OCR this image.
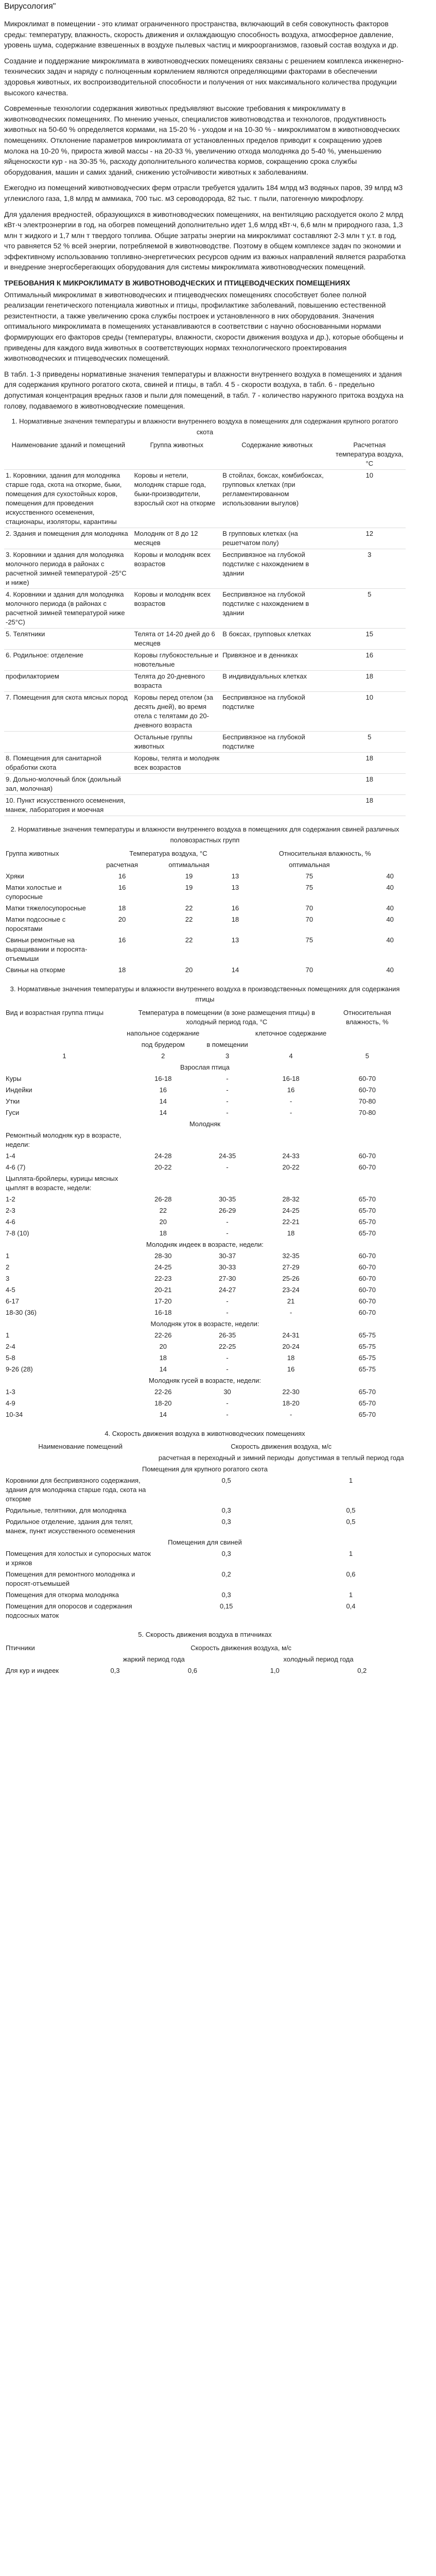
Вирусология"

Микроклимат в помещении - это климат ограниченного пространства, включающий в себя совокупность факторов среды: температуру, влажность, скорость движения и охлаждающую способность воздуха, атмосферное давление, уровень шума, содержание взвешенных в воздухе пылевых частиц и микроорганизмов, газовый состав воздуха и др.

Создание и поддержание микроклимата в животноводческих помещениях связаны с решением комплекса инженерно-технических задач и наряду с полноценным кормлением являются определяющими факторами в обеспечении здоровья животных, их воспроизводительной способности и получения от них максимального количества продукции высокого качества.

Современные технологии содержания животных предъявляют высокие требования к микроклимату в животноводческих помещениях. По мнению ученых, специалистов животноводства и технологов, продуктивность животных на 50-60 % определяется кормами, на 15-20 % - уходом и на 10-30 % - микроклиматом в животноводческих помещениях. Отклонение параметров микроклимата от установленных пределов приводит к сокращению удоев молока на 10-20 %, прироста живой массы - на 20-33 %, увеличению отхода молодняка до 5-40 %, уменьшению яйценоскости кур - на 30-35 %, расходу дополнительного количества кормов, сокращению срока службы оборудования, машин и самих зданий, снижению устойчивости животных к заболеваниям.

Ежегодно из помещений животноводческих ферм отрасли требуется удалить 184 млрд м3 водяных паров, 39 млрд м3 углекислого газа, 1,8 млрд м аммиака, 700 тыс. м3 сероводорода, 82 тыс. т пыли, патогенную микрофлору.

Для удаления вредностей, образующихся в животноводческих помещениях, на вентиляцию расходуется около 2 млрд кВт·ч электроэнергии в год, на обогрев помещений дополнительно идет 1,6 млрд кВт·ч, 6,6 млн м природного газа, 1,3 млн т жидкого и 1,7 млн т твердого топлива. Общие затраты энергии на микроклимат составляют 2-3 млн т у.т. в год, что равняется 52 % всей энергии, потребляемой в животноводстве. Поэтому в общем комплексе задач по экономии и эффективному использованию топливно-энергетических ресурсов одним из важных направлений является разработка и внедрение энергосберегающих оборудования для системы микроклимата животноводческих помещений.

ТРЕБОВАНИЯ К МИКРОКЛИМАТУ В ЖИВОТНОВОДЧЕСКИХ И ПТИЦЕВОДЧЕСКИХ ПОМЕЩЕНИЯХ

Оптимальный микроклимат в животноводческих и птицеводческих помещениях способствует более полной реализации генетического потенциала животных и птицы, профилактике заболеваний, повышению естественной резистентности, а также увеличению срока службы построек и установленного в них оборудования. Значения оптимального микроклимата в помещениях устанавливаются в соответствии с научно обоснованными нормами формирующих его факторов среды (температуры, влажности, скорости движения воздуха и др.), которые обобщены и приведены для каждого вида животных в соответствующих нормах технологического проектирования животноводческих и птицеводческих помещений.

В табл. 1-3 приведены нормативные значения температуры и влажности внутреннего воздуха в помещениях и здания для содержания крупного рогатого скота, свиней и птицы, в табл. 4 5 - скорости воздуха, в табл. 6 - предельно допустимая концентрация вредных газов и пыли для помещений, в табл. 7 - количество наружного притока воздуха на голову, подаваемого в животноводческие помещения.

1. Нормативные значения температуры и влажности внутреннего воздуха в помещениях для содержания крупного рогатого скота
Наименование зданий и помещений	Группа животных	Содержание животных	Расчетная температура воздуха, °С
1. Коровники, здания для молодняка старше года, скота на откорме, быки, помещения для сухостойных коров, помещения для проведения искусственного осеменения, стационары, изоляторы, карантины	Коровы и нетели, молодняк старше года, быки-производители, взрослый скот на откорме	В стойлах, боксах, комбибоксах, групповых клетках (при регламентированном использовании выгулов)	10
2. Здания и помещения для молодняка	Молодняк от 8 до 12 месяцев	В групповых клетках (на решетчатом полу)	12
3. Коровники и здания для молодняка молочного периода в районах с расчетной зимней температурой -25°С и ниже)	Коровы и молодняк всех возрастов	Беспривязное на глубокой подстилке с нахождением в здании	3
4. Коровники и здания для молодняка молочного периода (в районах с расчетной зимней температурой ниже -25°С)	Коровы и молодняк всех возрастов	Беспривязное на глубокой подстилке с нахождением в здании	5
5. Телятники	Телята от 14-20 дней до 6 месяцев	В боксах, групповых клетках	15
6. Родильное: отделение	Коровы глубокостельные и новотельные	Привязное и в денниках	16
профилакторием	Телята до 20-дневного возраста	В индивидуальных клетках	18
7. Помещения для скота мясных пород	Коровы перед отелом (за десять дней), во время отела с телятами до 20-дневного возраста	Беспривязное на глубокой подстилке	10
	Остальные группы животных	Беспривязное на глубокой подстилке	5
8. Помещения для санитарной обработки скота	Коровы, телята и молодняк всех возрастов		18
9. Дольно-молочный блок (доильный зал, молочная)			18
10. Пункт искусственного осеменения, манеж, лаборатория и моечная			18
2. Нормативные значения температуры и влажности внутреннего воздуха в помещениях для содержания свиней различных половозрастных групп
Группа животных	Температура воздуха, °С			Относительная влажность, %	
	расчетная	оптимальная		оптимальная	
Хряки	16	19	13	75	40
Матки холостые и супоросные	16	19	13	75	40
Матки тяжелосупоросные	18	22	16	70	40
Матки подсосные с поросятами	20	22	18	70	40
Свиньи ремонтные на выращивании и поросята-отъемыши	16	22	13	75	40
Свиньи на откорме	18	20	14	70	40
3. Нормативные значения температуры и влажности внутреннего воздуха в производственных помещениях для содержания птицы
Вид и возрастная группа птицы	Температура в помещении (в зоне размещения птицы) в холодный период года, °С			Относительная влажность, %
	напольное содержание		клеточное содержание	
	под брудером	в помещении		
1	2	3	4	5
Взрослая птица				
Куры	16-18	-	16-18	60-70
Индейки	16	-	16	60-70
Утки	14	-	-	70-80
Гуси	14	-	-	70-80
Молодняк				
Ремонтный молодняк кур в возрасте, недели:				
1-4	24-28	24-35	24-33	60-70
4-6 (7)	20-22	-	20-22	60-70
Цыплята-бройлеры, курицы мясных цыплят в возрасте, недели:				
1-2	26-28	30-35	28-32	65-70
2-3	22	26-29	24-25	65-70
4-6	20	-	22-21	65-70
7-8 (10)	18	-	18	65-70
Молодняк индеек в возрасте, недели:				
1	28-30	30-37	32-35	60-70
2	24-25	30-33	27-29	60-70
3	22-23	27-30	25-26	60-70
4-5	20-21	24-27	23-24	60-70
6-17	17-20	-	21	60-70
18-30 (36)	16-18	-	-	60-70
Молодняк уток в возрасте, недели:				
1	22-26	26-35	24-31	65-75
2-4	20	22-25	20-24	65-75
5-8	18	-	18	65-75
9-26 (28)	14	-	16	65-75
Молодняк гусей в возрасте, недели:				
1-3	22-26	30	22-30	65-70
4-9	18-20	-	18-20	65-70
10-34	14	-	-	65-70
4. Скорость движения воздуха в животноводческих помещениях
Наименование помещений	Скорость движения воздуха, м/с	
	расчетная в переходный и зимний периоды	допустимая в теплый период года
Помещения для крупного рогатого скота		
Коровники для беспривязного содержания, здания для молодняка старше года, скота на откорме	0,5	1
Родильные, телятники, для молодняка	0,3	0,5
Родильное отделение, здания для телят, манеж, пункт искусственного осеменения	0,3	0,5
Помещения для свиней		
Помещения для холостых и супоросных маток и хряков	0,3	1
Помещения для ремонтного молодняка и поросят-отъемышей	0,2	0,6
Помещения для откорма молодняка	0,3	1
Помещения для опоросов и содержания подсосных маток	0,15	0,4
5. Скорость движения воздуха в птичниках
Птичники	Скорость движения воздуха, м/с			
	жаркий период года		холодный период года	
Для кур и индеек	0,3	0,6	1,0	0,2
